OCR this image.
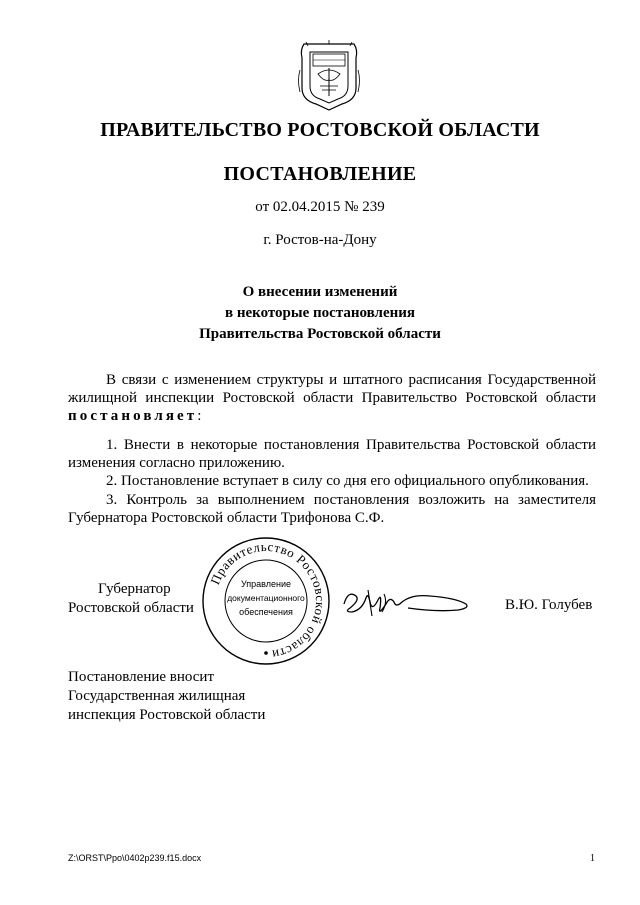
ПРАВИТЕЛЬСТВО РОСТОВСКОЙ ОБЛАСТИ
ПОСТАНОВЛЕНИЕ
от 02.04.2015 № 239
г. Ростов-на-Дону
О внесении изменений
в некоторые постановления
Правительства Ростовской области
В связи с изменением структуры и штатного расписания Государственной жилищной инспекции Ростовской области Правительство Ростовской области постановляет:
1. Внести в некоторые постановления Правительства Ростовской области изменения согласно приложению.
2. Постановление вступает в силу со дня его официального опубликования.
3. Контроль за выполнением постановления возложить на заместителя Губернатора Ростовской области Трифонова С.Ф.
Губернатор
Ростовской области
Правительство Ростовской области
Управление
документационного
обеспечения	В.Ю. Голубев
Постановление вносит
Государственная жилищная
инспекция Ростовской области
Z:\ORST\Ppo\0402p239.f15.docx	1
